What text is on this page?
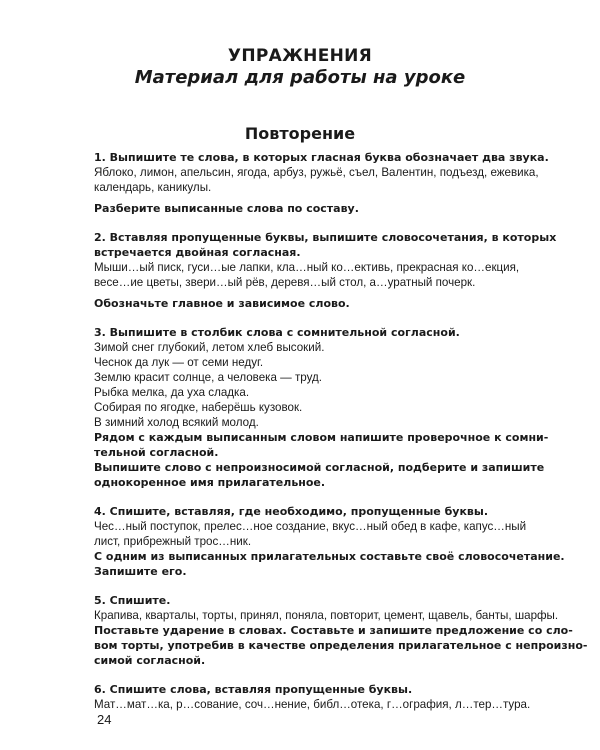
УПРАЖНЕНИЯ
Материал для работы на уроке
Повторение

1. Выпишите те слова, в которых гласная буква обозначает два звука.

Яблоко, лимон, апельсин, ягода, арбуз, ружьё, съел, Валентин, подъезд, ежевика,

календарь, каникулы.

Разберите выписанные слова по составу.

2. Вставляя пропущенные буквы, выпишите словосочетания, в которых

встречается двойная согласная.

Мыши…ый писк, гуси…ые лапки, кла…ный ко…ективь, прекрасная ко…екция,

весе…ие цветы, звери…ый рёв, деревя…ый стол, а…уратный почерк.

Обозначьте главное и зависимое слово.

3. Выпишите в столбик слова с сомнительной согласной.

Зимой снег глубокий, летом хлеб высокий.

Чеснок да лук — от семи недуг.

Землю красит солнце, а человека — труд.

Рыбка мелка, да уха сладка.

Собирая по ягодке, наберёшь кузовок.

В зимний холод всякий молод.

Рядом с каждым выписанным словом напишите проверочное к сомни-

тельной согласной.

Выпишите слово с непроизносимой согласной, подберите и запишите

однокоренное имя прилагательное.

4. Спишите, вставляя, где необходимо, пропущенные буквы.

Чес…ный поступок, прелес…ное создание, вкус…ный обед в кафе, капус…ный

лист, прибрежный трос…ник.

С одним из выписанных прилагательных составьте своё словосочетание.

Запишите его.

5. Спишите.

Крапива, кварталы, торты, принял, поняла, повторит, цемент, щавель, банты, шарфы.

Поставьте ударение в словах. Составьте и запишите предложение со сло-

вом торты, употребив в качестве определения прилагательное с непроизно-

симой согласной.

6. Спишите слова, вставляя пропущенные буквы.

Мат…мат…ка, р…сование, соч…нение, библ…отека, г…ография, л…тер…тура.

24
